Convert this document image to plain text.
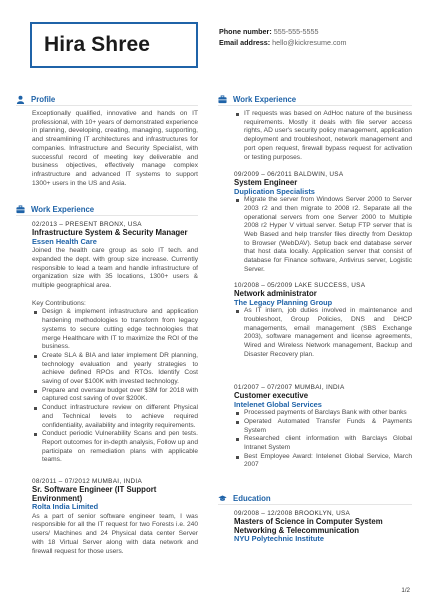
Hira Shree
Phone number: 555-555-5555
Email address: hello@kickresume.com
Profile
Exceptionally qualified, innovative and hands on IT professional, with 10+ years of demonstrated experience in planning, developing, creating, managing, supporting, and streamlining IT architectures and infrastructures for companies. Infrastructure and Security Specialist, with successful record of meeting key deliverable and business objectives, effectively manage complex infrastructure and advanced IT systems to support 1300+ users in the US and Asia.
Work Experience
02/2013 – PRESENT BRONX, USA
Infrastructure System & Security Manager
Essen Health Care
Joined the health care group as solo IT tech. and expanded the dept. with group size increase. Currently responsible to lead a team and handle infrastructure of organization size with 35 locations, 1300+ users & multiple geographical area.
Key Contributions:
Design & implement infrastructure and application hardening methodologies to transform from legacy systems to secure cutting edge technologies that merge Healthcare with IT to maximize the ROI of the business.
Create SLA & BIA and later implement DR planning, technology evaluation and yearly strategies to achieve defined RPOs and RTOs. Identify Cost saving of over $100K with invested technology.
Prepare and oversaw budget over $3M for 2018 with captured cost saving of over $200K.
Conduct infrastructure review on different Physical and Technical levels to achieve required confidentiality, availability and integrity requirements.
Conduct periodic Vulnerability Scans and pen tests. Report outcomes for in-depth analysis, Follow up and participate on remediation plans with applicable teams.
08/2011 – 07/2012 MUMBAI, INDIA
Sr. Software Engineer (IT Support Environment)
Rolta India Limited
As a part of senior software engineer team, I was responsible for all the IT request for two Forests i.e. 240 users/ Machines and 24 Physical data center Server with 18 Virtual Server along with data network and firewall request for those users.
Work Experience
IT requests was based on AdHoc nature of the business requirements. Mostly it deals with file server access rights, AD user's security policy management, application deployment and troubleshoot, network management and port open request, firewall bypass request for activation or testing purposes.
09/2009 – 06/2011 BALDWIN, USA
System Engineer
Duplication Specialists
Migrate the server from Windows Server 2000 to Server 2003 r2 and then migrate to 2008 r2. Separate all the operational servers from one Server 2000 to Multiple 2008 r2 Hyper V virtual server. Setup FTP server that is Web Based and help transfer files directly from Desktop to Browser (WebDAV). Setup back end database server that host data locally. Application server that consist of database for Finance software, Antivirus server, Logistic Server.
10/2008 – 05/2009 LAKE SUCCESS, USA
Network administrator
The Legacy Planning Group
As IT intern, job duties involved in maintenance and troubleshoot, Group Policies, DNS and DHCP managements, email management (SBS Exchange 2003), software management and license agreements, Wired and Wireless Network management, Backup and Disaster Recovery plan.
01/2007 – 07/2007 MUMBAI, INDIA
Customer executive
Intelenet Global Services
Processed payments of Barclays Bank with other banks
Operated Automated Transfer Funds & Payments System
Researched client information with Barclays Global Intranet System
Best Employee Award: Intelenet Global Service, March 2007
Education
09/2008 – 12/2008 BROOKLYN, USA
Masters of Science in Computer System Networking & Telecommunication
NYU Polytechnic Institute
1/2
